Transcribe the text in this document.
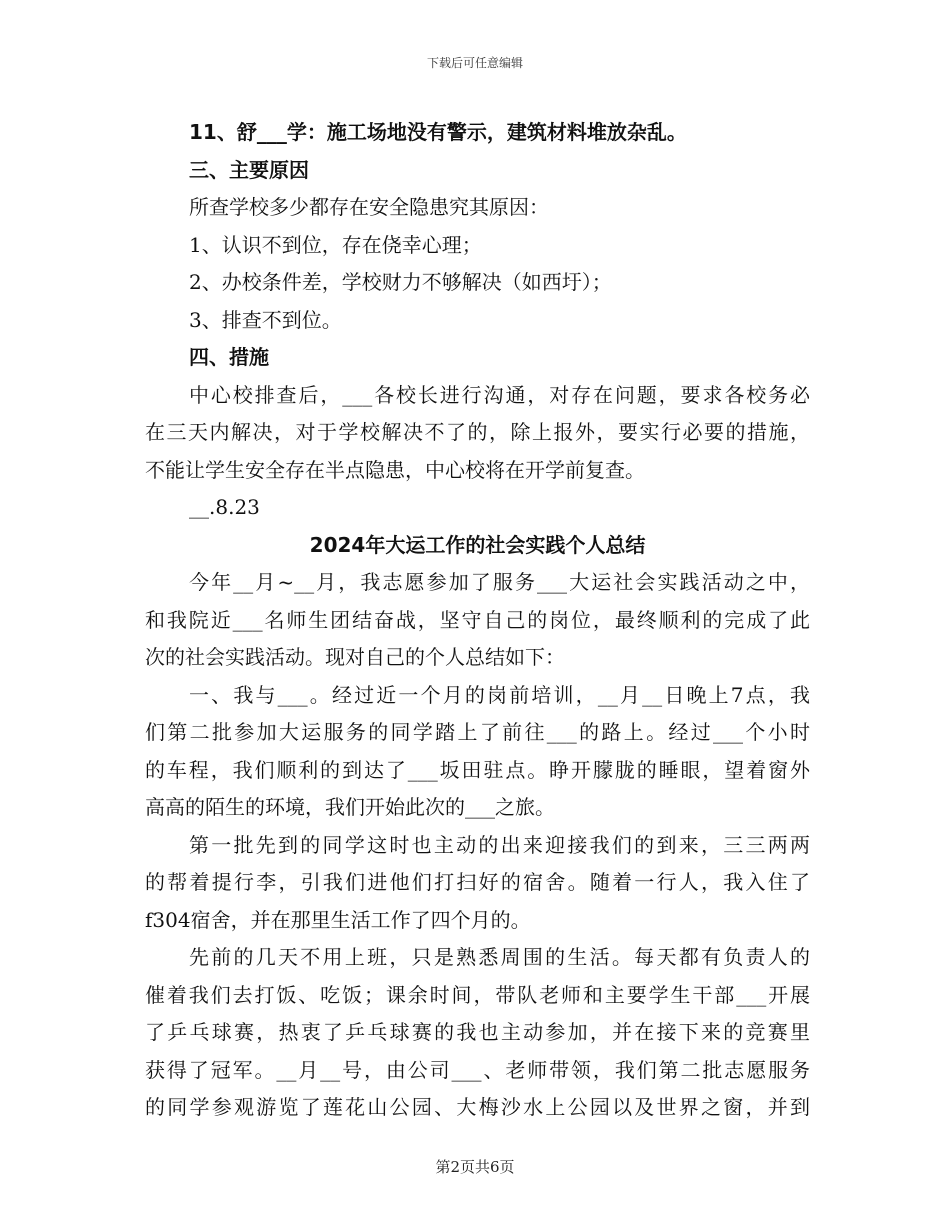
下载后可任意编辑
11、舒___学：施工场地没有警示，建筑材料堆放杂乱。
三、主要原因
所查学校多少都存在安全隐患究其原因：
1、认识不到位，存在侥幸心理；
2、办校条件差，学校财力不够解决（如西圩）；
3、排查不到位。
四、措施
中心校排查后，___各校长进行沟通，对存在问题，要求各校务必
在三天内解决，对于学校解决不了的，除上报外，要实行必要的措施，
不能让学生安全存在半点隐患，中心校将在开学前复查。
__.8.23
2024年大运工作的社会实践个人总结
今年__月~__月，我志愿参加了服务___大运社会实践活动之中，
和我院近___名师生团结奋战，坚守自己的岗位，最终顺利的完成了此
次的社会实践活动。现对自己的个人总结如下：
一、我与___。经过近一个月的岗前培训，__月__日晚上7点，我
们第二批参加大运服务的同学踏上了前往___的路上。经过___个小时
的车程，我们顺利的到达了___坂田驻点。睁开朦胧的睡眼，望着窗外
高高的陌生的环境，我们开始此次的___之旅。
第一批先到的同学这时也主动的出来迎接我们的到来，三三两两
的帮着提行李，引我们进他们打扫好的宿舍。随着一行人，我入住了
f304宿舍，并在那里生活工作了四个月的。
先前的几天不用上班，只是熟悉周围的生活。每天都有负责人的
催着我们去打饭、吃饭；课余时间，带队老师和主要学生干部___开展
了乒乓球赛，热衷了乒乓球赛的我也主动参加，并在接下来的竞赛里
获得了冠军。__月__号，由公司___、老师带领，我们第二批志愿服务
的同学参观游览了莲花山公园、大梅沙水上公园以及世界之窗，并到
第2页共6页
